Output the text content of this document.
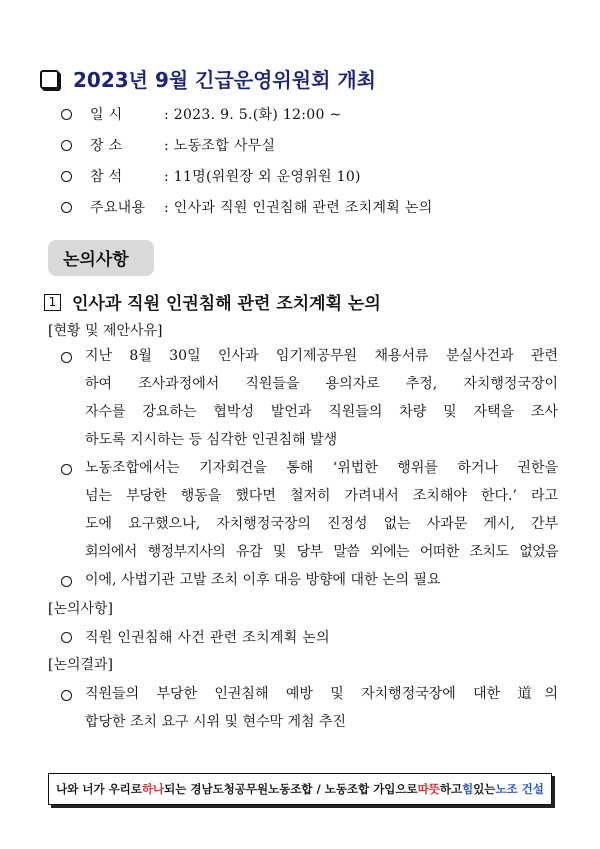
2023년 9월 긴급운영위원회 개최
일 시	: 2023. 9. 5.(화) 12:00 ~
장 소	: 노동조합 사무실
참 석	: 11명(위원장 외 운영위원 10)
주요내용 : 인사과 직원 인권침해 관련 조치계획 논의
논의사항
1 인사과 직원 인권침해 관련 조치계획 논의
[현황 및 제안사유]
지난 8월 30일 인사과 임기제공무원 채용서류 분실사건과 관련
하여 조사과정에서 직원들을 용의자로 추정, 자치행정국장이
자수를 강요하는 협박성 발언과 직원들의 차량 및 자택을 조사
하도록 지시하는 등 심각한 인권침해 발생
노동조합에서는 기자회견을 통해 ‘위법한 행위를 하거나 권한을
넘는 부당한 행동을 했다면 철저히 가려내서 조치해야 한다.’ 라고
도에 요구했으나, 자치행정국장의 진정성 없는 사과문 게시, 간부
회의에서 행정부지사의 유감 및 당부 말씀 외에는 어떠한 조치도 없었음
이에, 사법기관 고발 조치 이후 대응 방향에 대한 논의 필요
[논의사항]
직원 인권침해 사건 관련 조치계획 논의
[논의결과]
직원들의 부당한 인권침해 예방 및 자치행정국장에 대한 道의
합당한 조치 요구 시위 및 현수막 게첨 추진
나와 너가 우리로 하나 되는 경남도청공무원노동조합 / 노동조합 가입으로 따뜻 하고 힘 있는 노조 건설
